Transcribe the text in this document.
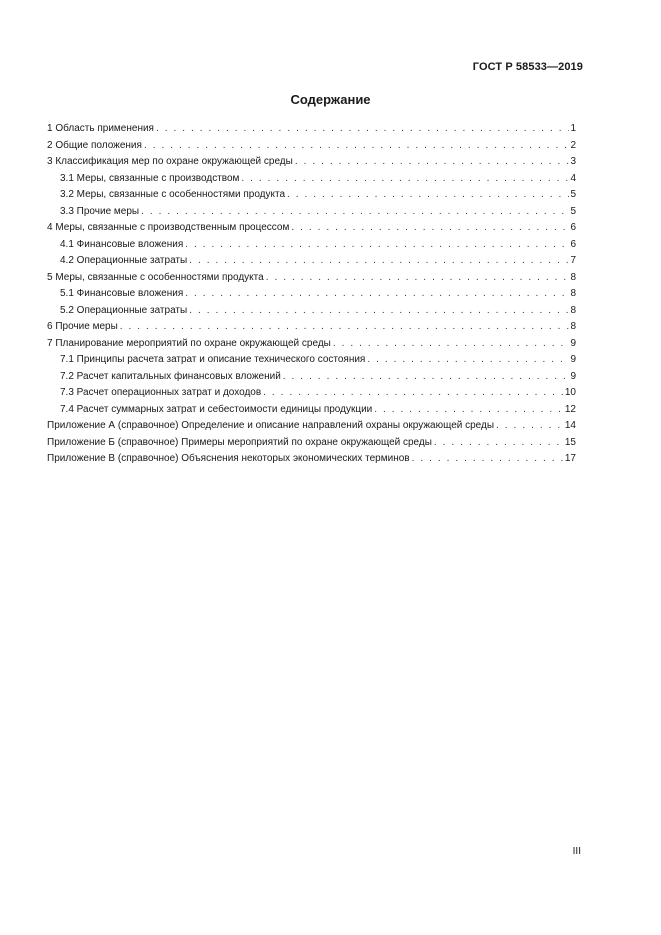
ГОСТ Р 58533—2019
Содержание
1 Область применения . . .	1
2 Общие положения . . .	2
3 Классификация мер по охране окружающей среды . . .	3
3.1 Меры, связанные с производством . . .	4
3.2 Меры, связанные с особенностями продукта . . .	5
3.3 Прочие меры . . .	5
4 Меры, связанные с производственным процессом . . .	6
4.1 Финансовые вложения . . .	6
4.2 Операционные затраты . . .	7
5 Меры, связанные с особенностями продукта . . .	8
5.1 Финансовые вложения . . .	8
5.2 Операционные затраты . . .	8
6 Прочие меры . . .	8
7 Планирование мероприятий по охране окружающей среды . . .	9
7.1 Принципы расчета затрат и описание технического состояния . . .	9
7.2 Расчет капитальных финансовых вложений . . .	9
7.3 Расчет операционных затрат и доходов . . .	10
7.4 Расчет суммарных затрат и себестоимости единицы продукции . . .	12
Приложение А (справочное) Определение и описание направлений охраны окружающей среды . . .	14
Приложение Б (справочное) Примеры мероприятий по охране окружающей среды . . .	15
Приложение В (справочное) Объяснения некоторых экономических терминов . . .	17
III
